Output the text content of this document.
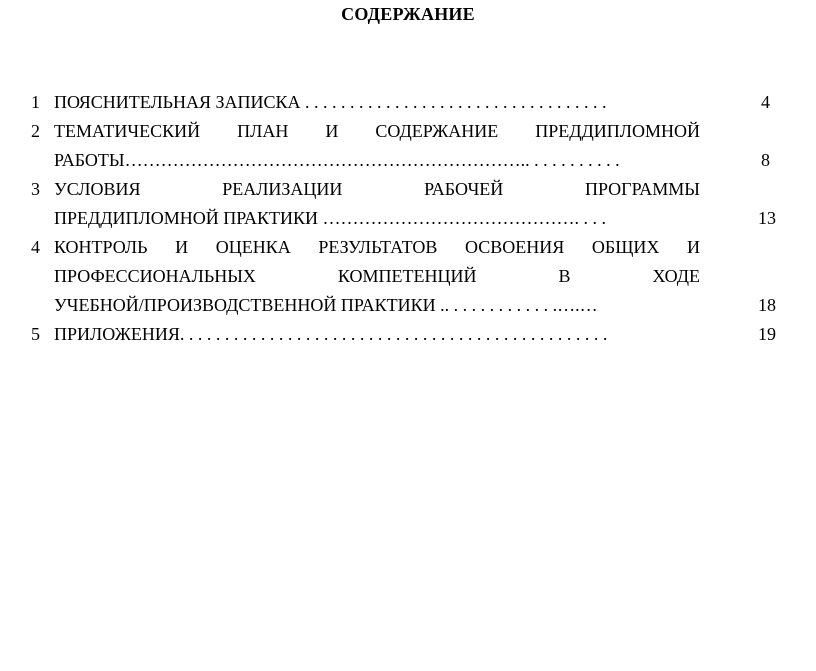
СОДЕРЖАНИЕ
1 ПОЯСНИТЕЛЬНАЯ ЗАПИСКА . . . . . . . . . . . . . . . . . . . . . . . . . . . . . . . . . .	4
2 ТЕМАТИЧЕСКИЙ ПЛАН И СОДЕРЖАНИЕ ПРЕДДИПЛОМНОЙ
РАБОТЫ………………………………………………………….. . . . . . . . . . .	8
3 УСЛОВИЯ РЕАЛИЗАЦИИ РАБОЧЕЙ ПРОГРАММЫ
ПРЕДДИПЛОМНОЙ ПРАКТИКИ ……………………………………. . . .	13
4 КОНТРОЛЬ И ОЦЕНКА РЕЗУЛЬТАТОВ ОСВОЕНИЯ ОБЩИХ И
ПРОФЕССИОНАЛЬНЫХ КОМПЕТЕНЦИЙ В ХОДЕ
УЧЕБНОЙ/ПРОИЗВОДСТВЕННОЙ ПРАКТИКИ .. . . . . . . . . . . . .….…	18
5 ПРИЛОЖЕНИЯ. . . . . . . . . . . . . . . . . . . . . . . . . . . . . . . . . . . . . . . . . . . . . . . .	19
